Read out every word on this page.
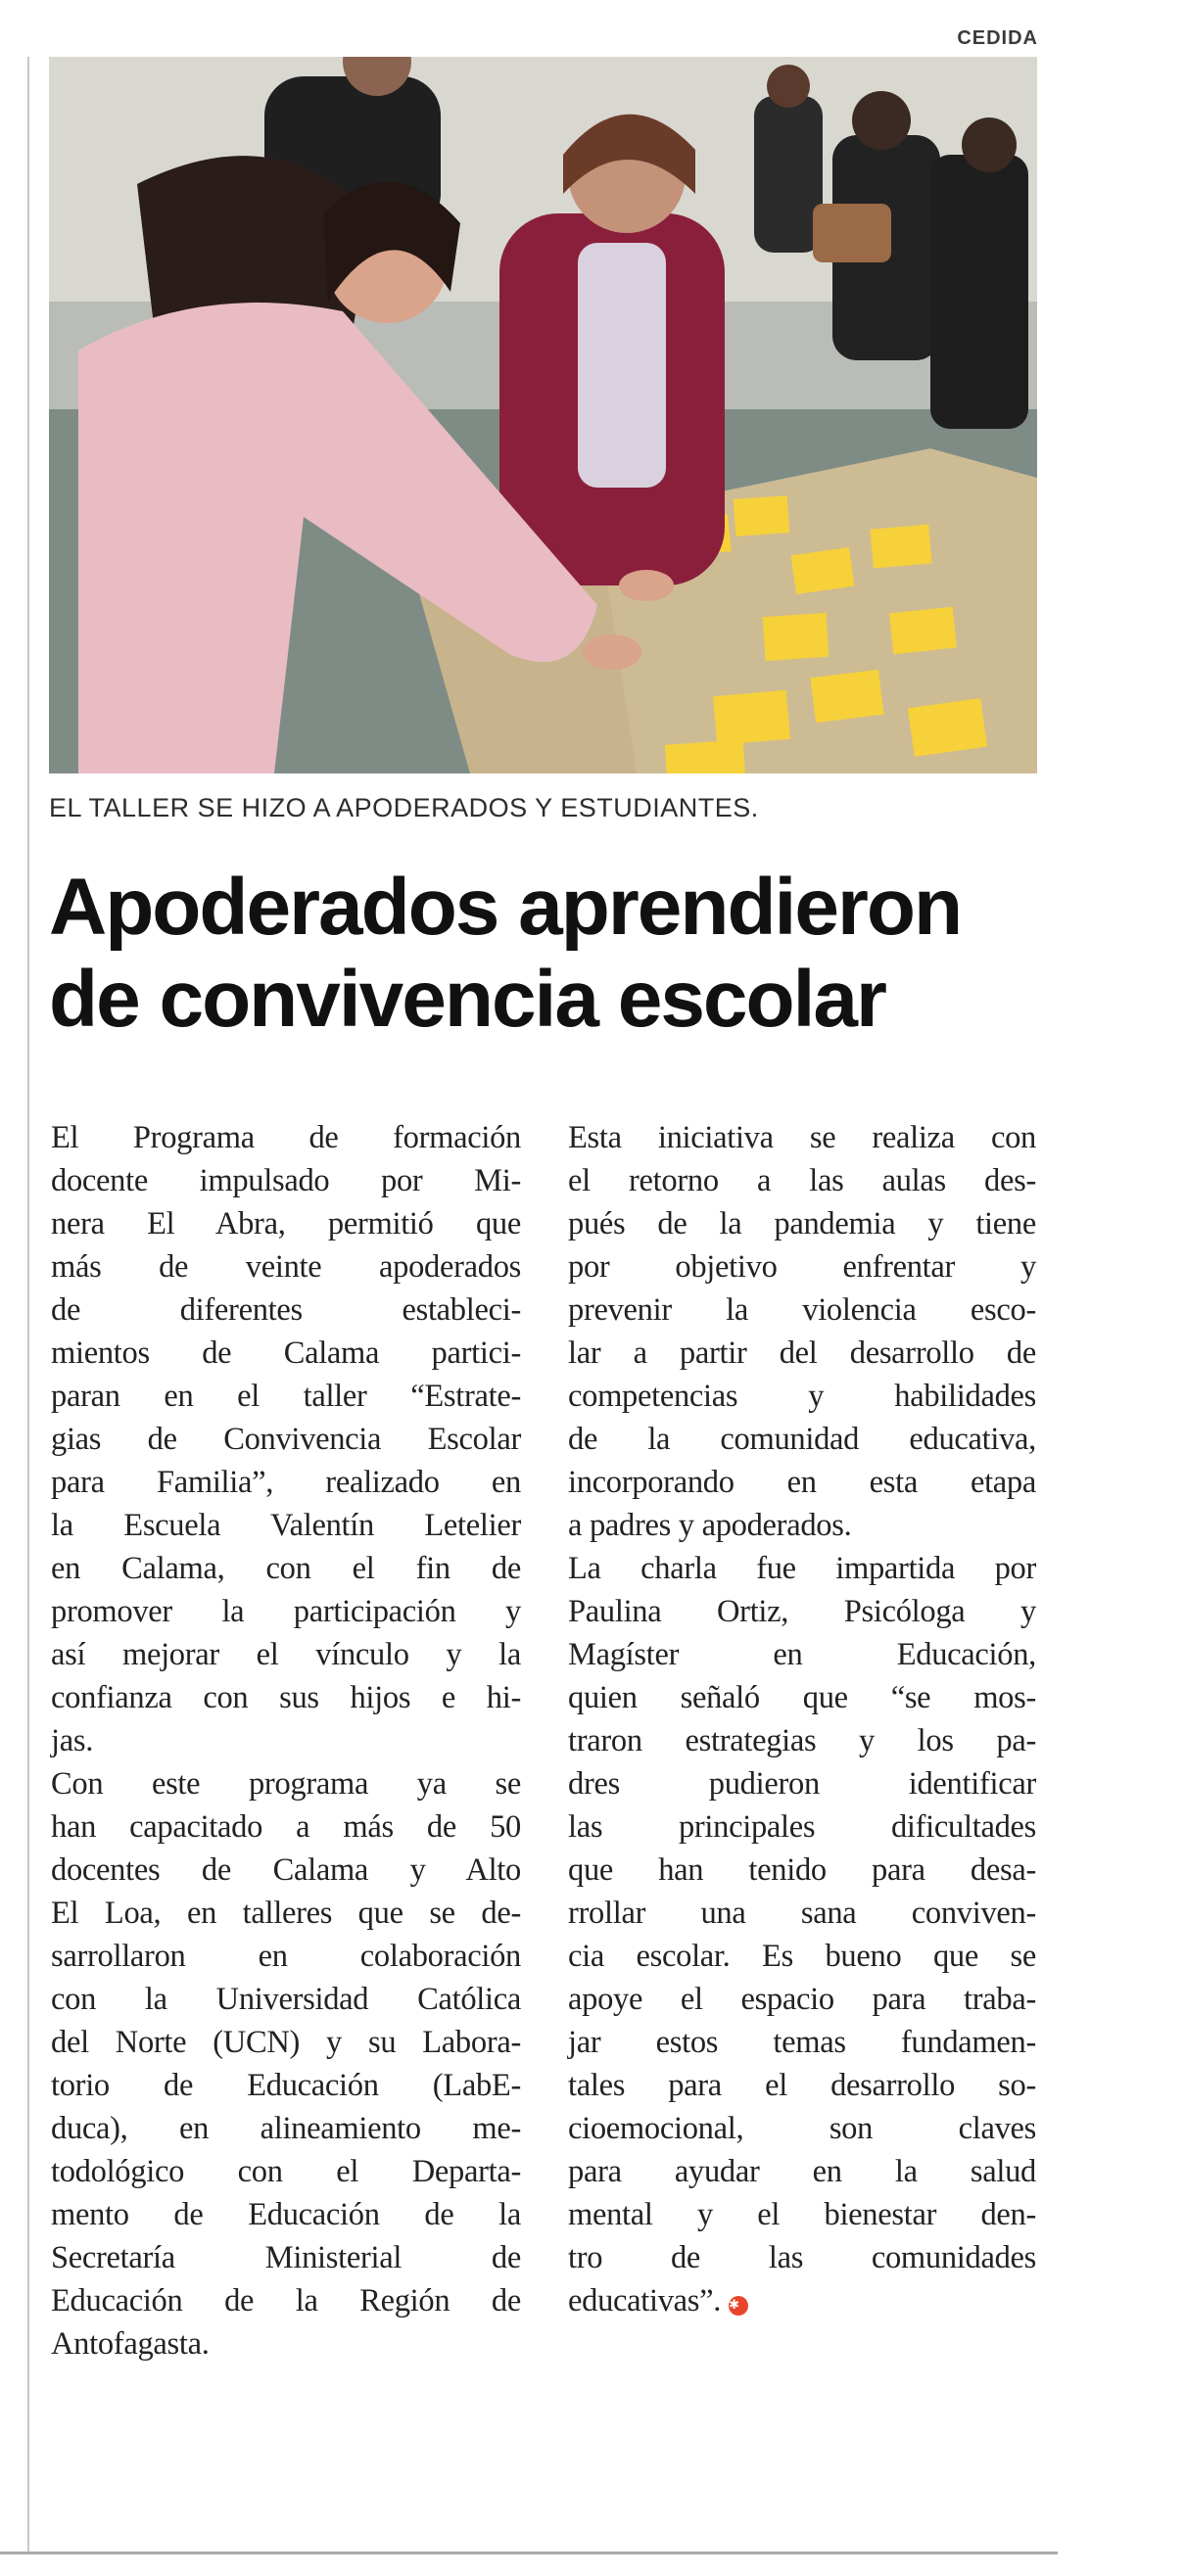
CEDIDA
EL TALLER SE HIZO A APODERADOS Y ESTUDIANTES.
Apoderados aprendieron
de convivencia escolar
El Programa de formación
docente impulsado por Mi-
nera El Abra, permitió que
más de veinte apoderados
de diferentes estableci-
mientos de Calama partici-
paran en el taller “Estrate-
gias de Convivencia Escolar
para Familia”, realizado en
la Escuela Valentín Letelier
en Calama, con el fin de
promover la participación y
así mejorar el vínculo y la
confianza con sus hijos e hi-
jas.
Con este programa ya se
han capacitado a más de 50
docentes de Calama y Alto
El Loa, en talleres que se de-
sarrollaron en colaboración
con la Universidad Católica
del Norte (UCN) y su Labora-
torio de Educación (LabE-
duca), en alineamiento me-
todológico con el Departa-
mento de Educación de la
Secretaría Ministerial de
Educación de la Región de
Antofagasta.
Esta iniciativa se realiza con
el retorno a las aulas des-
pués de la pandemia y tiene
por objetivo enfrentar y
prevenir la violencia esco-
lar a partir del desarrollo de
competencias y habilidades
de la comunidad educativa,
incorporando en esta etapa
a padres y apoderados.
La charla fue impartida por
Paulina Ortiz, Psicóloga y
Magíster en Educación,
quien señaló que “se mos-
traron estrategias y los pa-
dres pudieron identificar
las principales dificultades
que han tenido para desa-
rrollar una sana conviven-
cia escolar. Es bueno que se
apoye el espacio para traba-
jar estos temas fundamen-
tales para el desarrollo so-
cioemocional, son claves
para ayudar en la salud
mental y el bienestar den-
tro de las comunidades
educativas”. ✱
